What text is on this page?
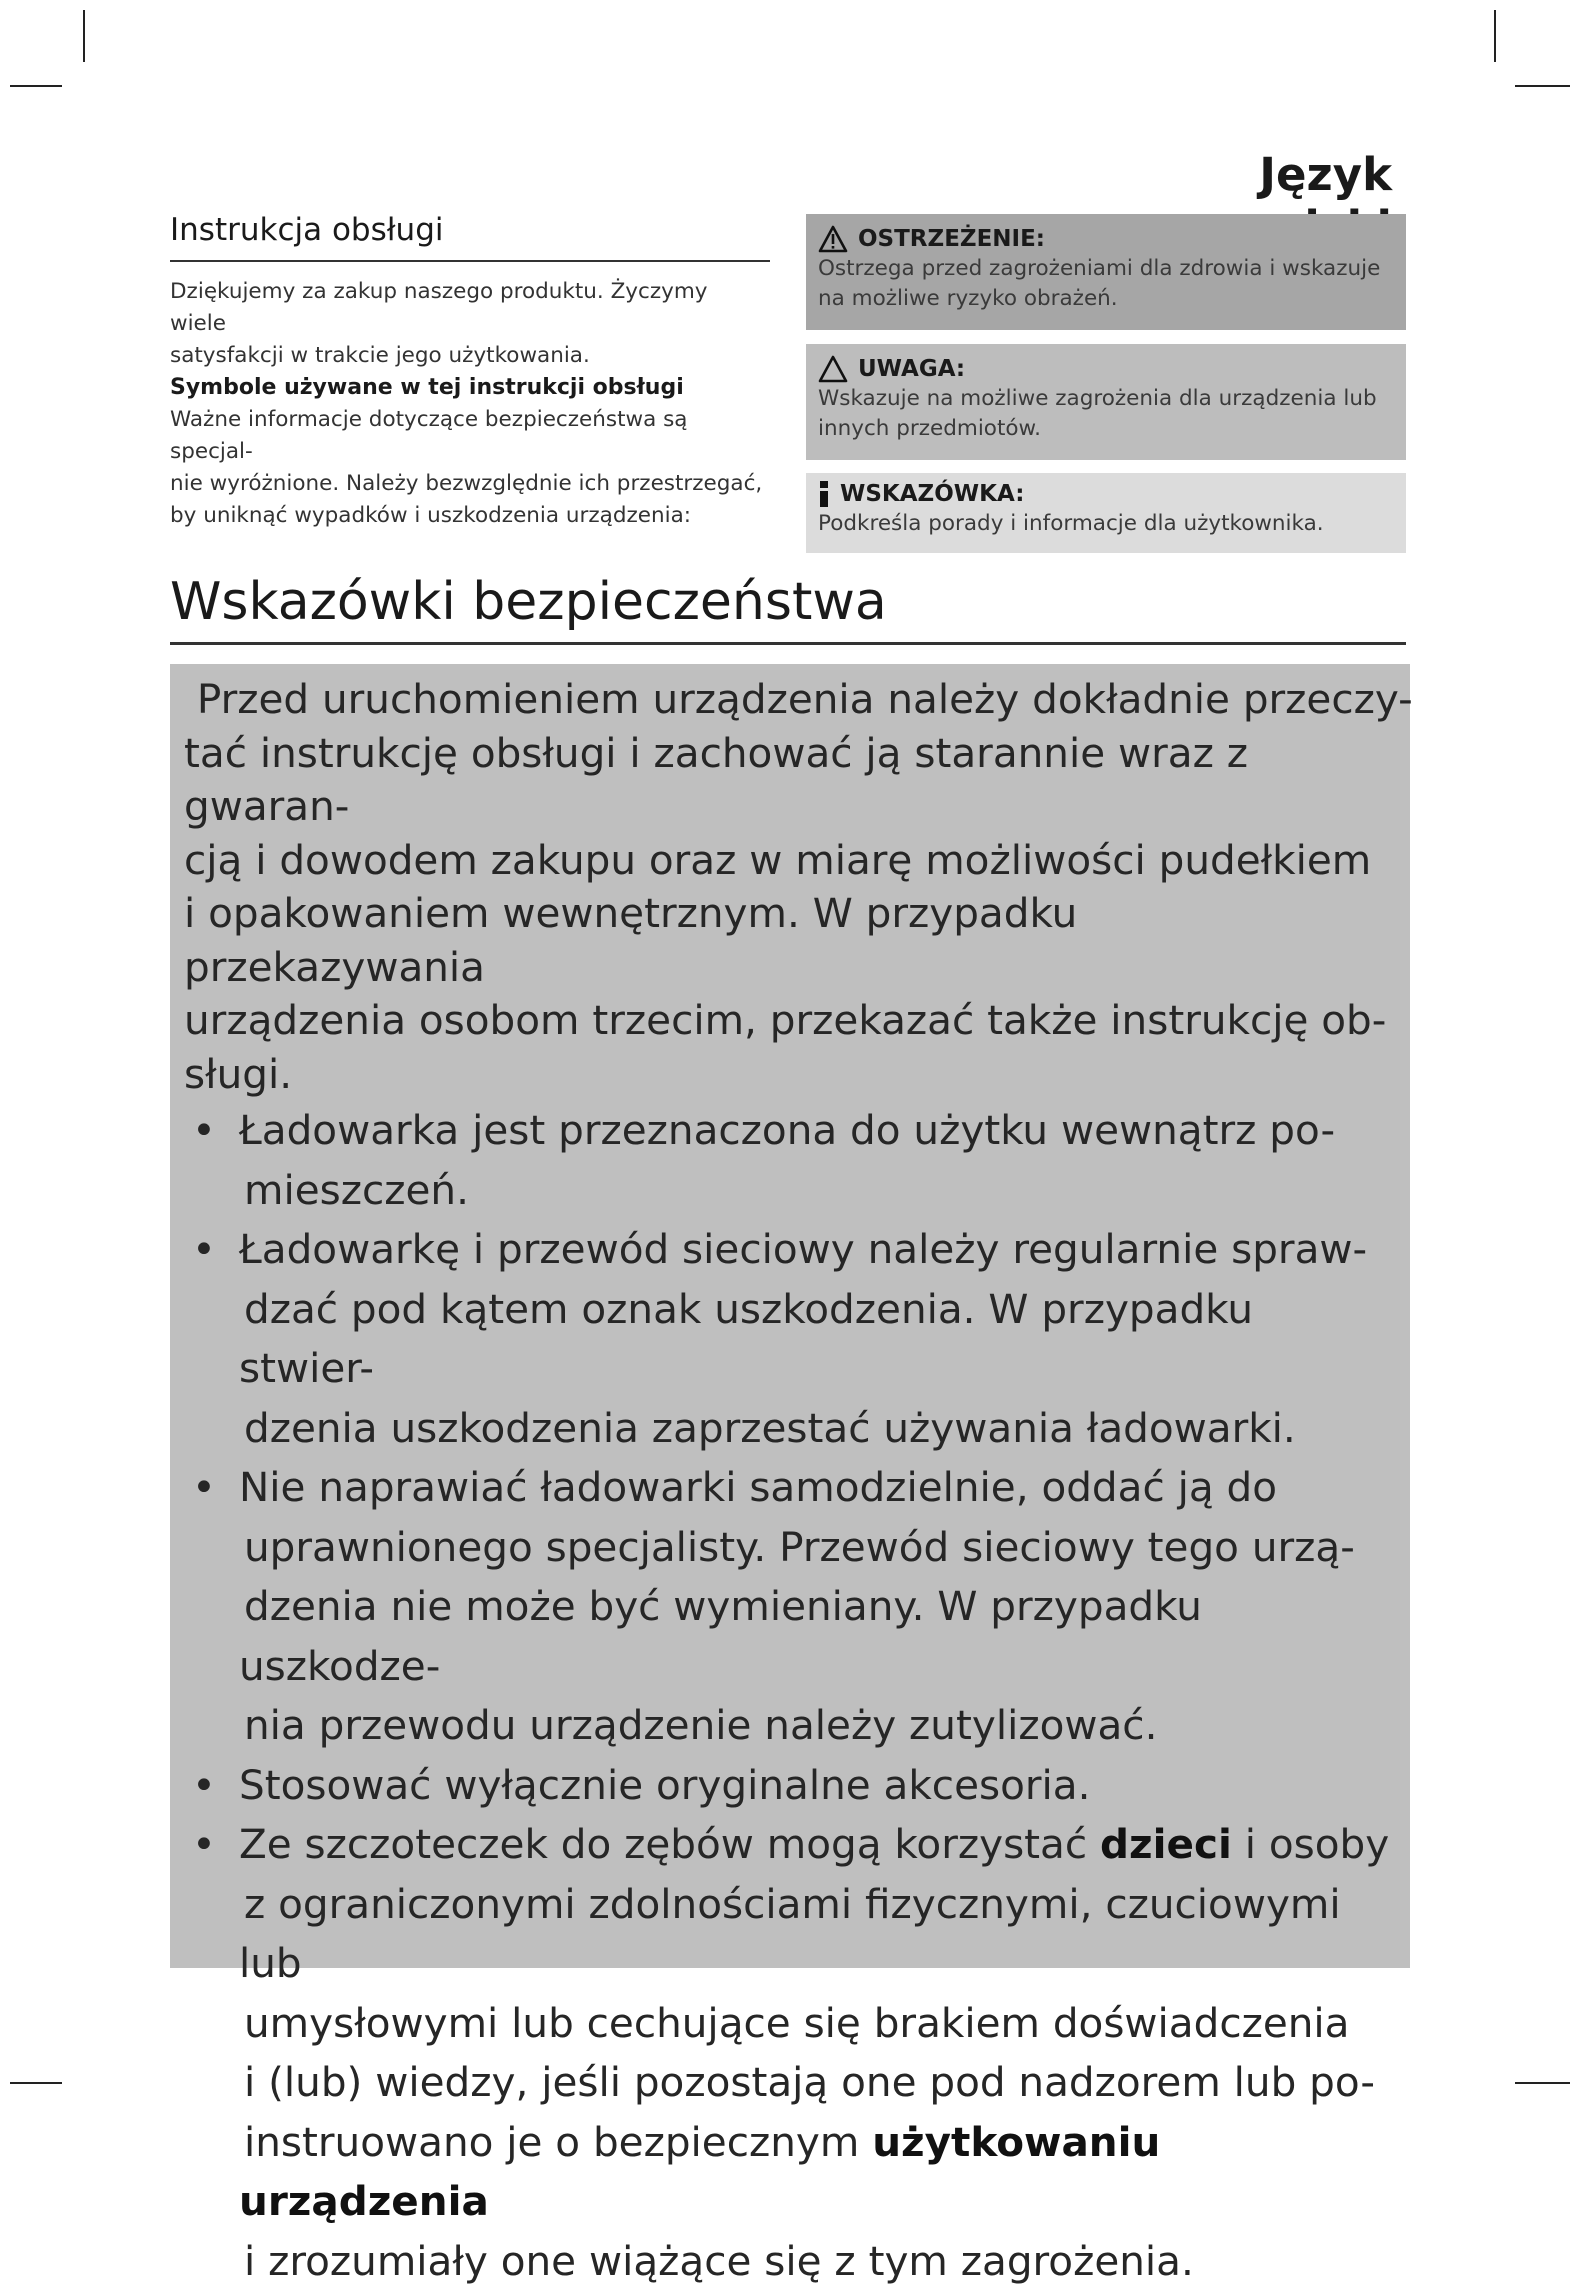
Język
Instrukcja obsługi

Dziękujemy za zakup naszego produktu. Życzymy wiele
satysfakcji w trakcie jego użytkowania.

Symbole używane w tej instrukcji obsługi

Ważne informacje dotyczące bezpieczeństwa są specjal-
nie wyróżnione. Należy bezwzględnie ich przestrzegać,
by uniknąć wypadków i uszkodzenia urządzenia:

OSTRZEŻENIE:

Ostrzega przed zagrożeniami dla zdrowia i wskazuje
na możliwe ryzyko obrażeń.

UWAGA:

Wskazuje na możliwe zagrożenia dla urządzenia lub
innych przedmiotów.

WSKAZÓWKA:

Podkreśla porady i informacje dla użytkownika.

Wskazówki bezpieczeństwa

Przed uruchomieniem urządzenia należy dokładnie przeczy-
tać instrukcję obsługi i zachować ją starannie wraz z gwaran-
cją i dowodem zakupu oraz w miarę możliwości pudełkiem
i opakowaniem wewnętrznym. W przypadku przekazywania
urządzenia osobom trzecim, przekazać także instrukcję ob-
sługi.

• Ładowarka jest przeznaczona do użytku wewnątrz po-
mieszczeń.
• Ładowarkę i przewód sieciowy należy regularnie spraw-
dzać pod kątem oznak uszkodzenia. W przypadku stwier-
dzenia uszkodzenia zaprzestać używania ładowarki.
• Nie naprawiać ładowarki samodzielnie, oddać ją do
uprawnionego specjalisty. Przewód sieciowy tego urzą-
dzenia nie może być wymieniany. W przypadku uszkodze-
nia przewodu urządzenie należy zutylizować.
• Stosować wyłącznie oryginalne akcesoria.
• Ze szczoteczek do zębów mogą korzystać dzieci i osoby
z ograniczonymi zdolnościami fizycznymi, czuciowymi lub
umysłowymi lub cechujące się brakiem doświadczenia
i (lub) wiedzy, jeśli pozostają one pod nadzorem lub po-
instruowano je o bezpiecznym użytkowaniu urządzenia
i zrozumiały one wiążące się z tym zagrożenia.
